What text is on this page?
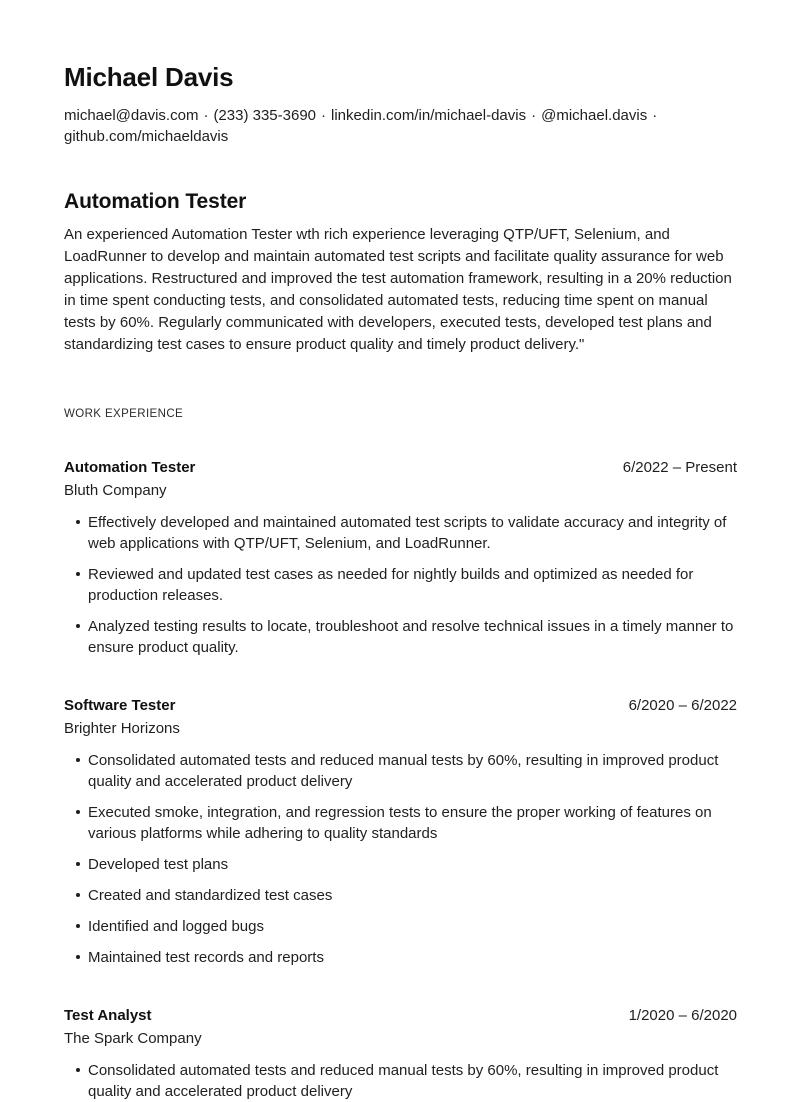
Michael Davis

michael@davis.com · (233) 335-3690 · linkedin.com/in/michael-davis · @michael.davis ·github.com/michaeldavis

Automation Tester

An experienced Automation Tester wth rich experience leveraging QTP/UFT, Selenium, and LoadRunner to develop and maintain automated test scripts and facilitate quality assurance for web applications. Restructured and improved the test automation framework, resulting in a 20% reduction in time spent conducting tests, and consolidated automated tests, reducing time spent on manual tests by 60%. Regularly communicated with developers, executed tests, developed test plans and standardizing test cases to ensure product quality and timely product delivery."

WORK EXPERIENCE
Automation Tester	6/2022 – Present
Bluth Company
Effectively developed and maintained automated test scripts to validate accuracy and integrity of web applications with QTP/UFT, Selenium, and LoadRunner.
Reviewed and updated test cases as needed for nightly builds and optimized as needed for production releases.
Analyzed testing results to locate, troubleshoot and resolve technical issues in a timely manner to ensure product quality.
Software Tester	6/2020 – 6/2022
Brighter Horizons
Consolidated automated tests and reduced manual tests by 60%, resulting in improved product quality and accelerated product delivery
Executed smoke, integration, and regression tests to ensure the proper working of features on various platforms while adhering to quality standards
Developed test plans
Created and standardized test cases
Identified and logged bugs
Maintained test records and reports
Test Analyst	1/2020 – 6/2020
The Spark Company
Consolidated automated tests and reduced manual tests by 60%, resulting in improved product quality and accelerated product delivery
